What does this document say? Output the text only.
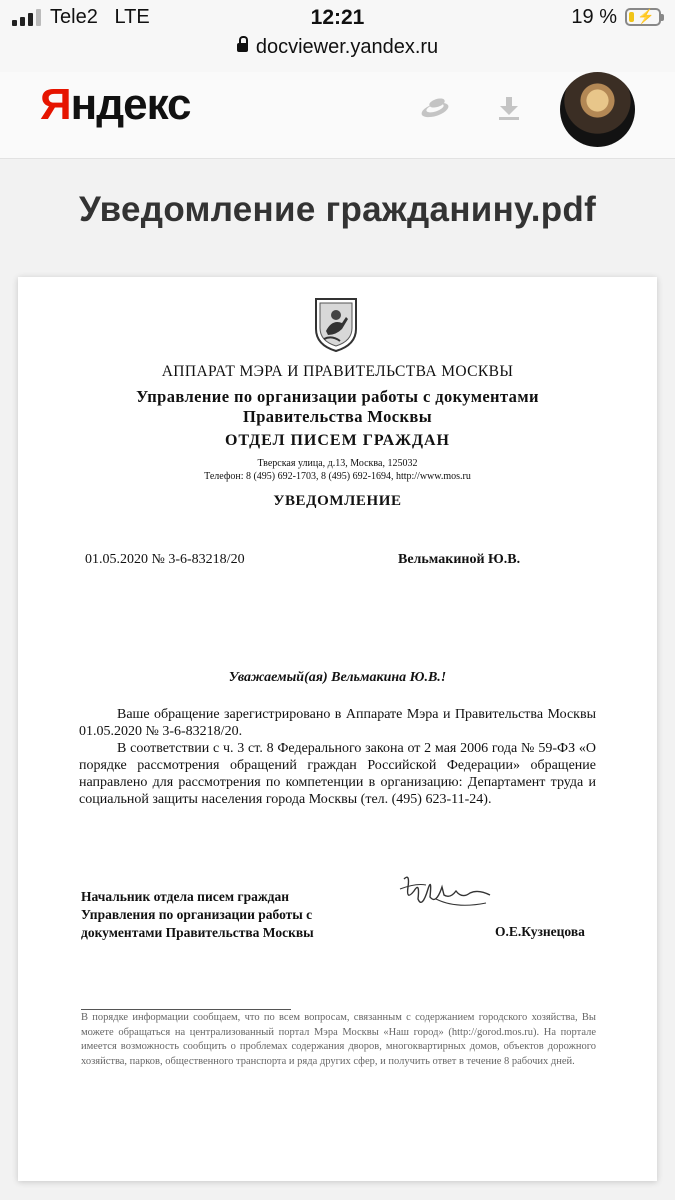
Tele2 LTE	12:21	19 % ⚡
docviewer.yandex.ru
Яндекс
Уведомление гражданину.pdf
АППАРАТ МЭРА И ПРАВИТЕЛЬСТВА МОСКВЫ
Управление по организации работы с документами
Правительства Москвы
ОТДЕЛ ПИСЕМ ГРАЖДАН
Тверская улица, д.13, Москва, 125032
Телефон: 8 (495) 692-1703, 8 (495) 692-1694, http://www.mos.ru
УВЕДОМЛЕНИЕ
01.05.2020 № 3-6-83218/20	Вельмакиной Ю.В.
Уважаемый(ая) Вельмакина Ю.В.!

Ваше обращение зарегистрировано в Аппарате Мэра и Правительства Москвы 01.05.2020 № 3-6-83218/20.

В соответствии с ч. 3 ст. 8 Федерального закона от 2 мая 2006 года № 59-ФЗ «О порядке рассмотрения обращений граждан Российской Федерации» обращение направлено для рассмотрения по компетенции в организацию: Департамент труда и социальной защиты населения города Москвы (тел. (495) 623-11-24).

Начальник отдела писем граждан
Управления по организации работы с
документами Правительства Москвы	О.Е.Кузнецова

В порядке информации сообщаем, что по всем вопросам, связанным с содержанием городского хозяйства, Вы можете обращаться на централизованный портал Мэра Москвы «Наш город» (http://gorod.mos.ru). На портале имеется возможность сообщить о проблемах содержания дворов, многоквартирных домов, объектов дорожного хозяйства, парков, общественного транспорта и ряда других сфер, и получить ответ в течение 8 рабочих дней.
